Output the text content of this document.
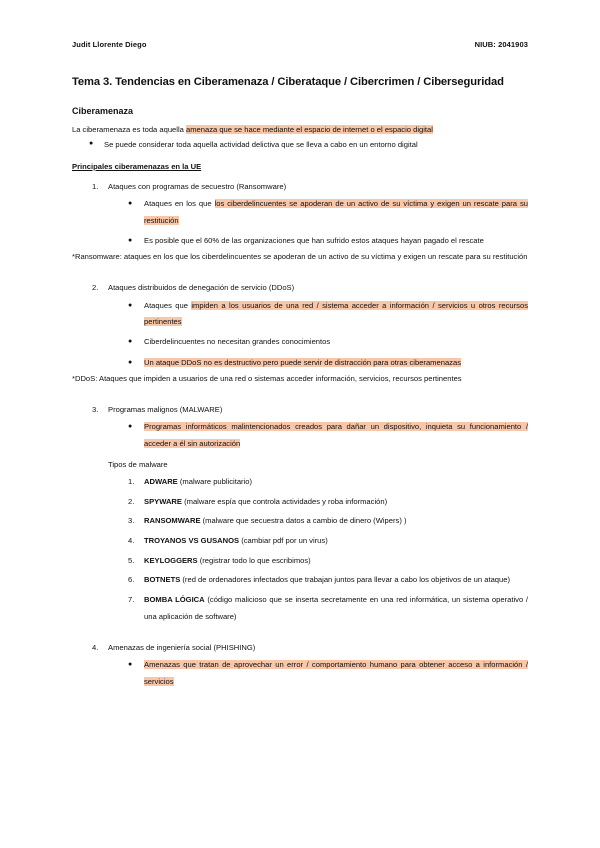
Judit Llorente Diego	NIUB: 2041903
Tema 3. Tendencias en Ciberamenaza / Ciberataque / Cibercrimen / Ciberseguridad
Ciberamenaza

La ciberamenaza es toda aquella amenaza que se hace mediante el espacio de internet o el espacio digital

● Se puede considerar toda aquella actividad delictiva que se lleva a cabo en un entorno digital

Principales ciberamenazas en la UE

1. Ataques con programas de secuestro (Ransomware)
● Ataques en los que los ciberdelincuentes se apoderan de un activo de su víctima y exigen un rescate para su restitución
● Es posible que el 60% de las organizaciones que han sufrido estos ataques hayan pagado el rescate

*Ransomware: ataques en los que los ciberdelincuentes se apoderan de un activo de su víctima y exigen un rescate para su restitución

2. Ataques distribuidos de denegación de servicio (DDoS)
● Ataques que impiden a los usuarios de una red / sistema acceder a información / servicios u otros recursos pertinentes
● Ciberdelincuentes no necesitan grandes conocimientos
● Un ataque DDoS no es destructivo pero puede servir de distracción para otras ciberamenazas

*DDoS: Ataques que impiden a usuarios de una red o sistemas acceder información, servicios, recursos pertinentes

3. Programas malignos (MALWARE)
● Programas informáticos malintencionados creados para dañar un dispositivo, inquieta su funcionamiento / acceder a él sin autorización
Tipos de malware
1. ADWARE (malware publicitario)
2. SPYWARE (malware espía que controla actividades y roba información)
3. RANSOMWARE (malware que secuestra datos a cambio de dinero (Wipers) )
4. TROYANOS VS GUSANOS (cambiar pdf por un virus)
5. KEYLOGGERS (registrar todo lo que escribimos)
6. BOTNETS (red de ordenadores infectados que trabajan juntos para llevar a cabo los objetivos de un ataque)
7. BOMBA LÓGICA (código malicioso que se inserta secretamente en una red informática, un sistema operativo / una aplicación de software)
4. Amenazas de ingeniería social (PHISHING)
● Amenazas que tratan de aprovechar un error / comportamiento humano para obtener acceso a información / servicios
